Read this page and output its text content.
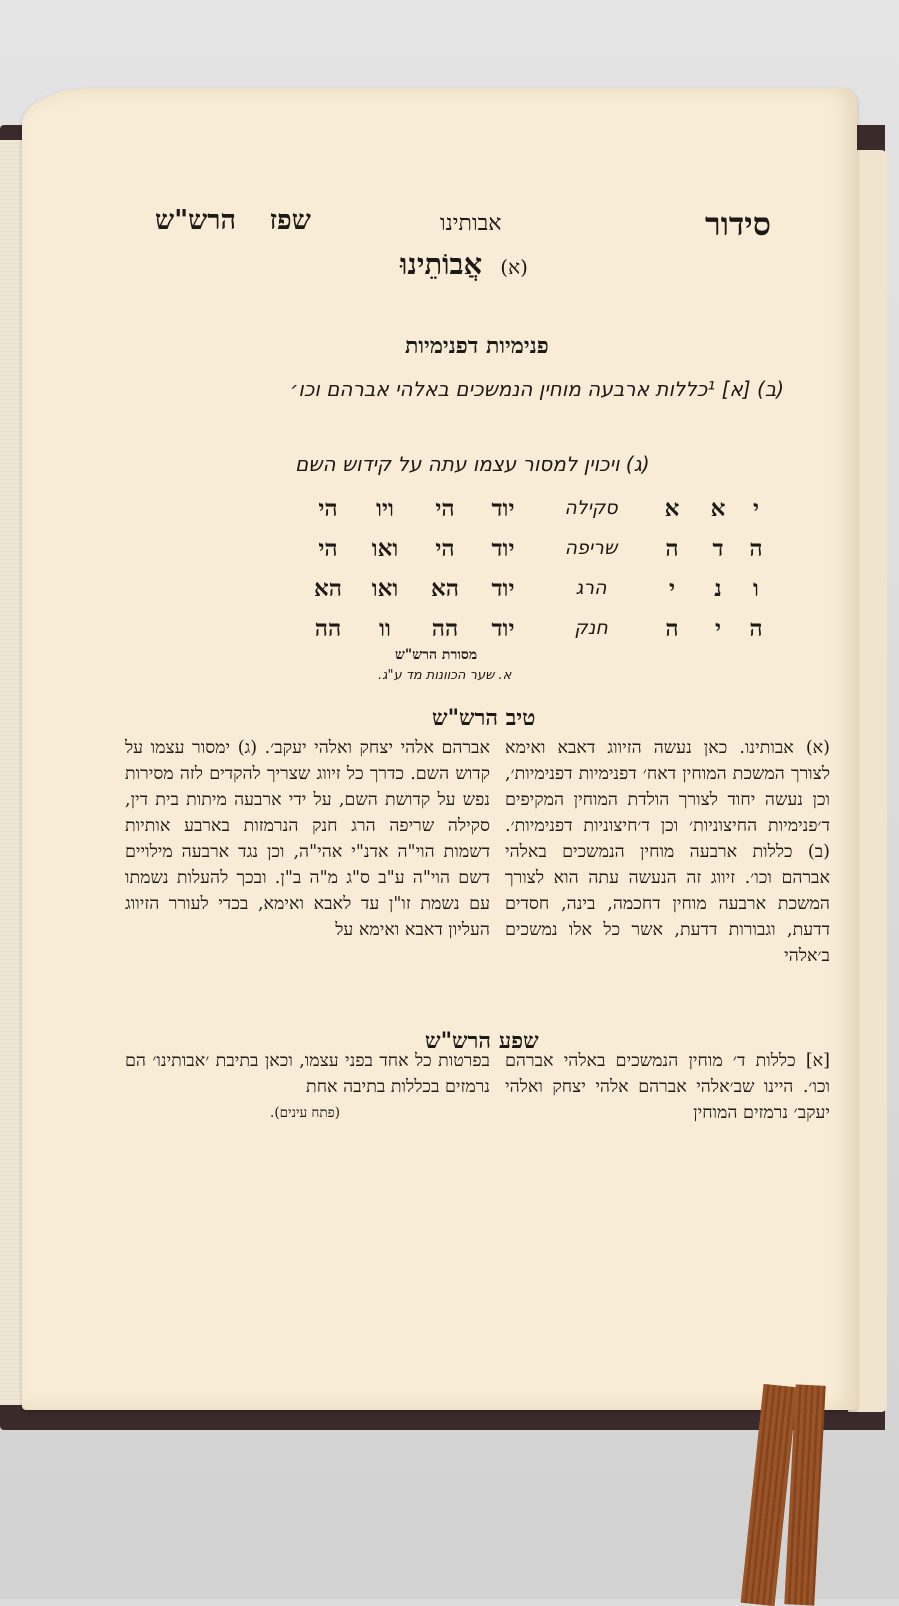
סידור
אבותינו
שפז הרש"ש
(א) אֲבוֹתֵינוּ
פנימיות דפנימיות
(ב) [א] ¹כללות ארבעה מוחין הנמשכים באלהי אברהם וכו׳
(ג) ויכוין למסור עצמו עתה על קידוש השם
י
א
א
סקילה
יוד
הי
ויו
הי
ה
ד
ה
שריפה
יוד
הי
ואו
הי
ו
נ
י
הרג
יוד
הא
ואו
הא
ה
י
ה
חנק
יוד
הה
וו
הה
מסורת הרש"ש
א. שער הכוונות מד ע"ג.
טיב הרש"ש

(א) אבותינו. כאן נעשה הזיווג דאבא ואימא לצורך המשכת המוחין דאח׳ דפנימיות דפנימיות׳, וכן נעשה יחוד לצורך הולדת המוחין המקיפים ד׳פנימיות החיצוניות׳ וכן ד׳חיצוניות דפנימיות׳. (ב) כללות ארבעה מוחין הנמשכים באלהי אברהם וכו׳. זיווג זה הנעשה עתה הוא לצורך המשכת ארבעה מוחין דחכמה, בינה, חסדים דדעת, וגבורות דדעת, אשר כל אלו נמשכים ב׳אלהי

אברהם אלהי יצחק ואלהי יעקב׳. (ג) ימסור עצמו על קדוש השם. כדרך כל זיווג שצריך להקדים לזה מסירות נפש על קדושת השם, על ידי ארבעה מיתות בית דין, סקילה שריפה הרג חנק הנרמזות בארבע אותיות דשמות הוי"ה אדנ"י אהי"ה, וכן נגד ארבעה מילויים דשם הוי"ה ע"ב ס"ג מ"ה ב"ן. ובכך להעלות נשמתו עם נשמת זו"ן עד לאבא ואימא, בכדי לעורר הזיווג העליון דאבא ואימא על

שפע הרש"ש

[א] כללות ד׳ מוחין הנמשכים באלהי אברהם וכו׳. היינו שב׳אלהי אברהם אלהי יצחק ואלהי יעקב׳ נרמזים המוחין

בפרטות כל אחד בפני עצמו, וכאן בתיבת ׳אבותינו׳ הם נרמזים בכללות בתיבה אחת

(פתח עינים).
